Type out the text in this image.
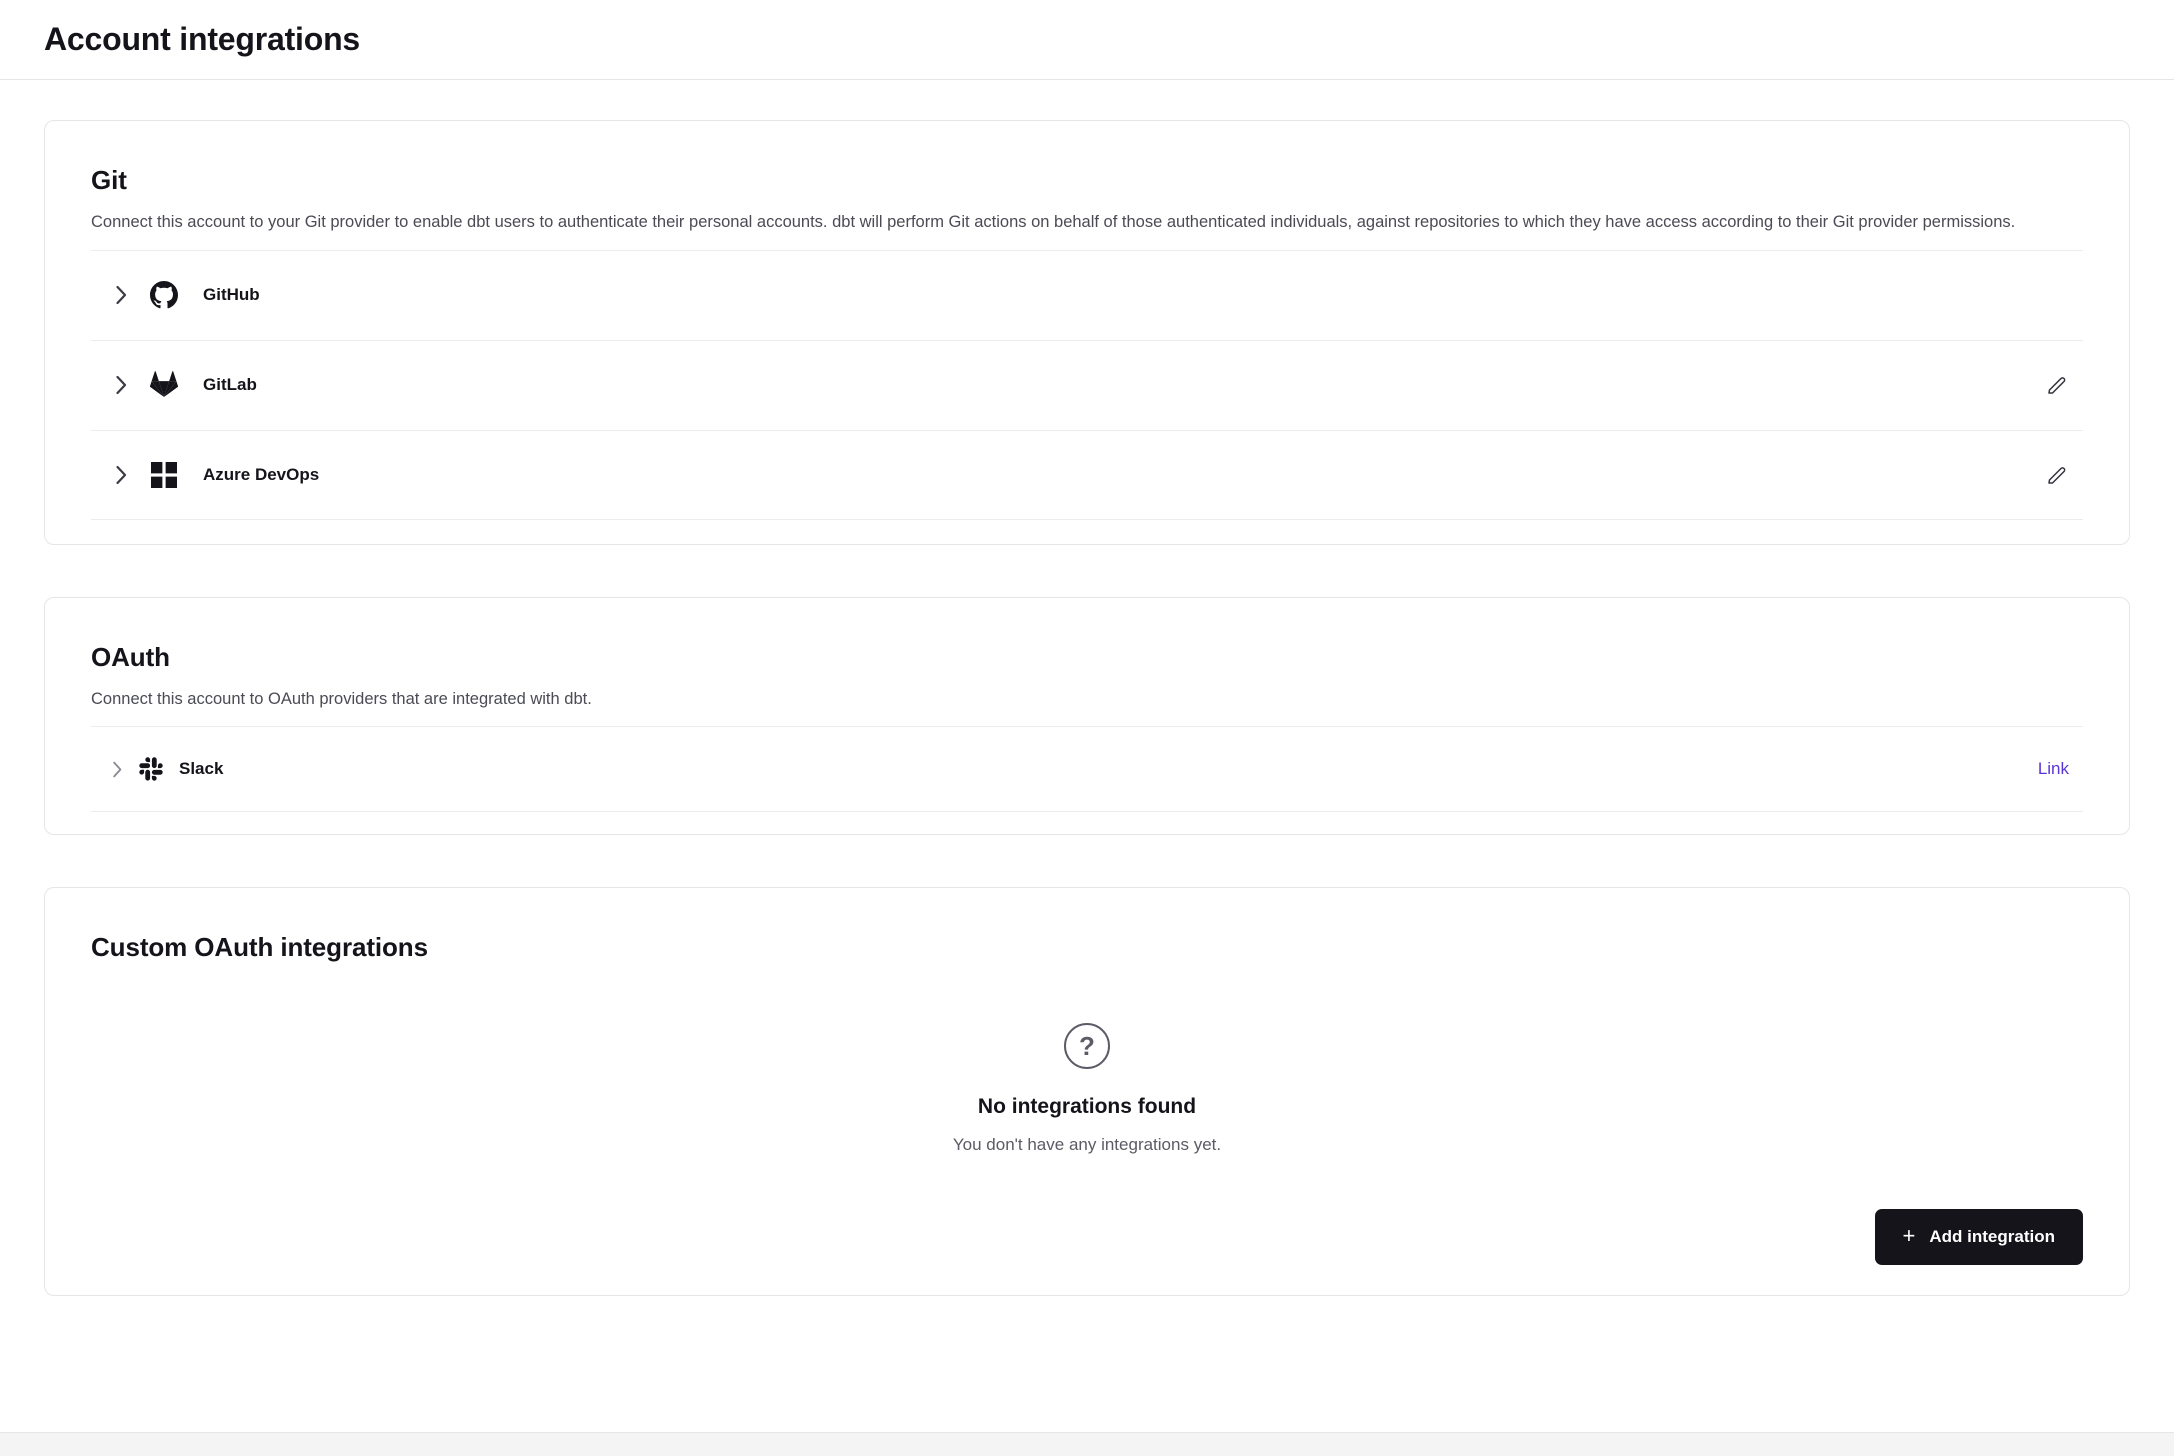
Account integrations
Git

Connect this account to your Git provider to enable dbt users to authenticate their personal accounts. dbt will perform Git actions on behalf of those authenticated individuals, against repositories to which they have access according to their Git provider permissions.

GitHub
GitLab
Azure DevOps
OAuth

Connect this account to OAuth providers that are integrated with dbt.

Slack	Link
Custom OAuth integrations
?
No integrations found
You don't have any integrations yet.
+ Add integration
